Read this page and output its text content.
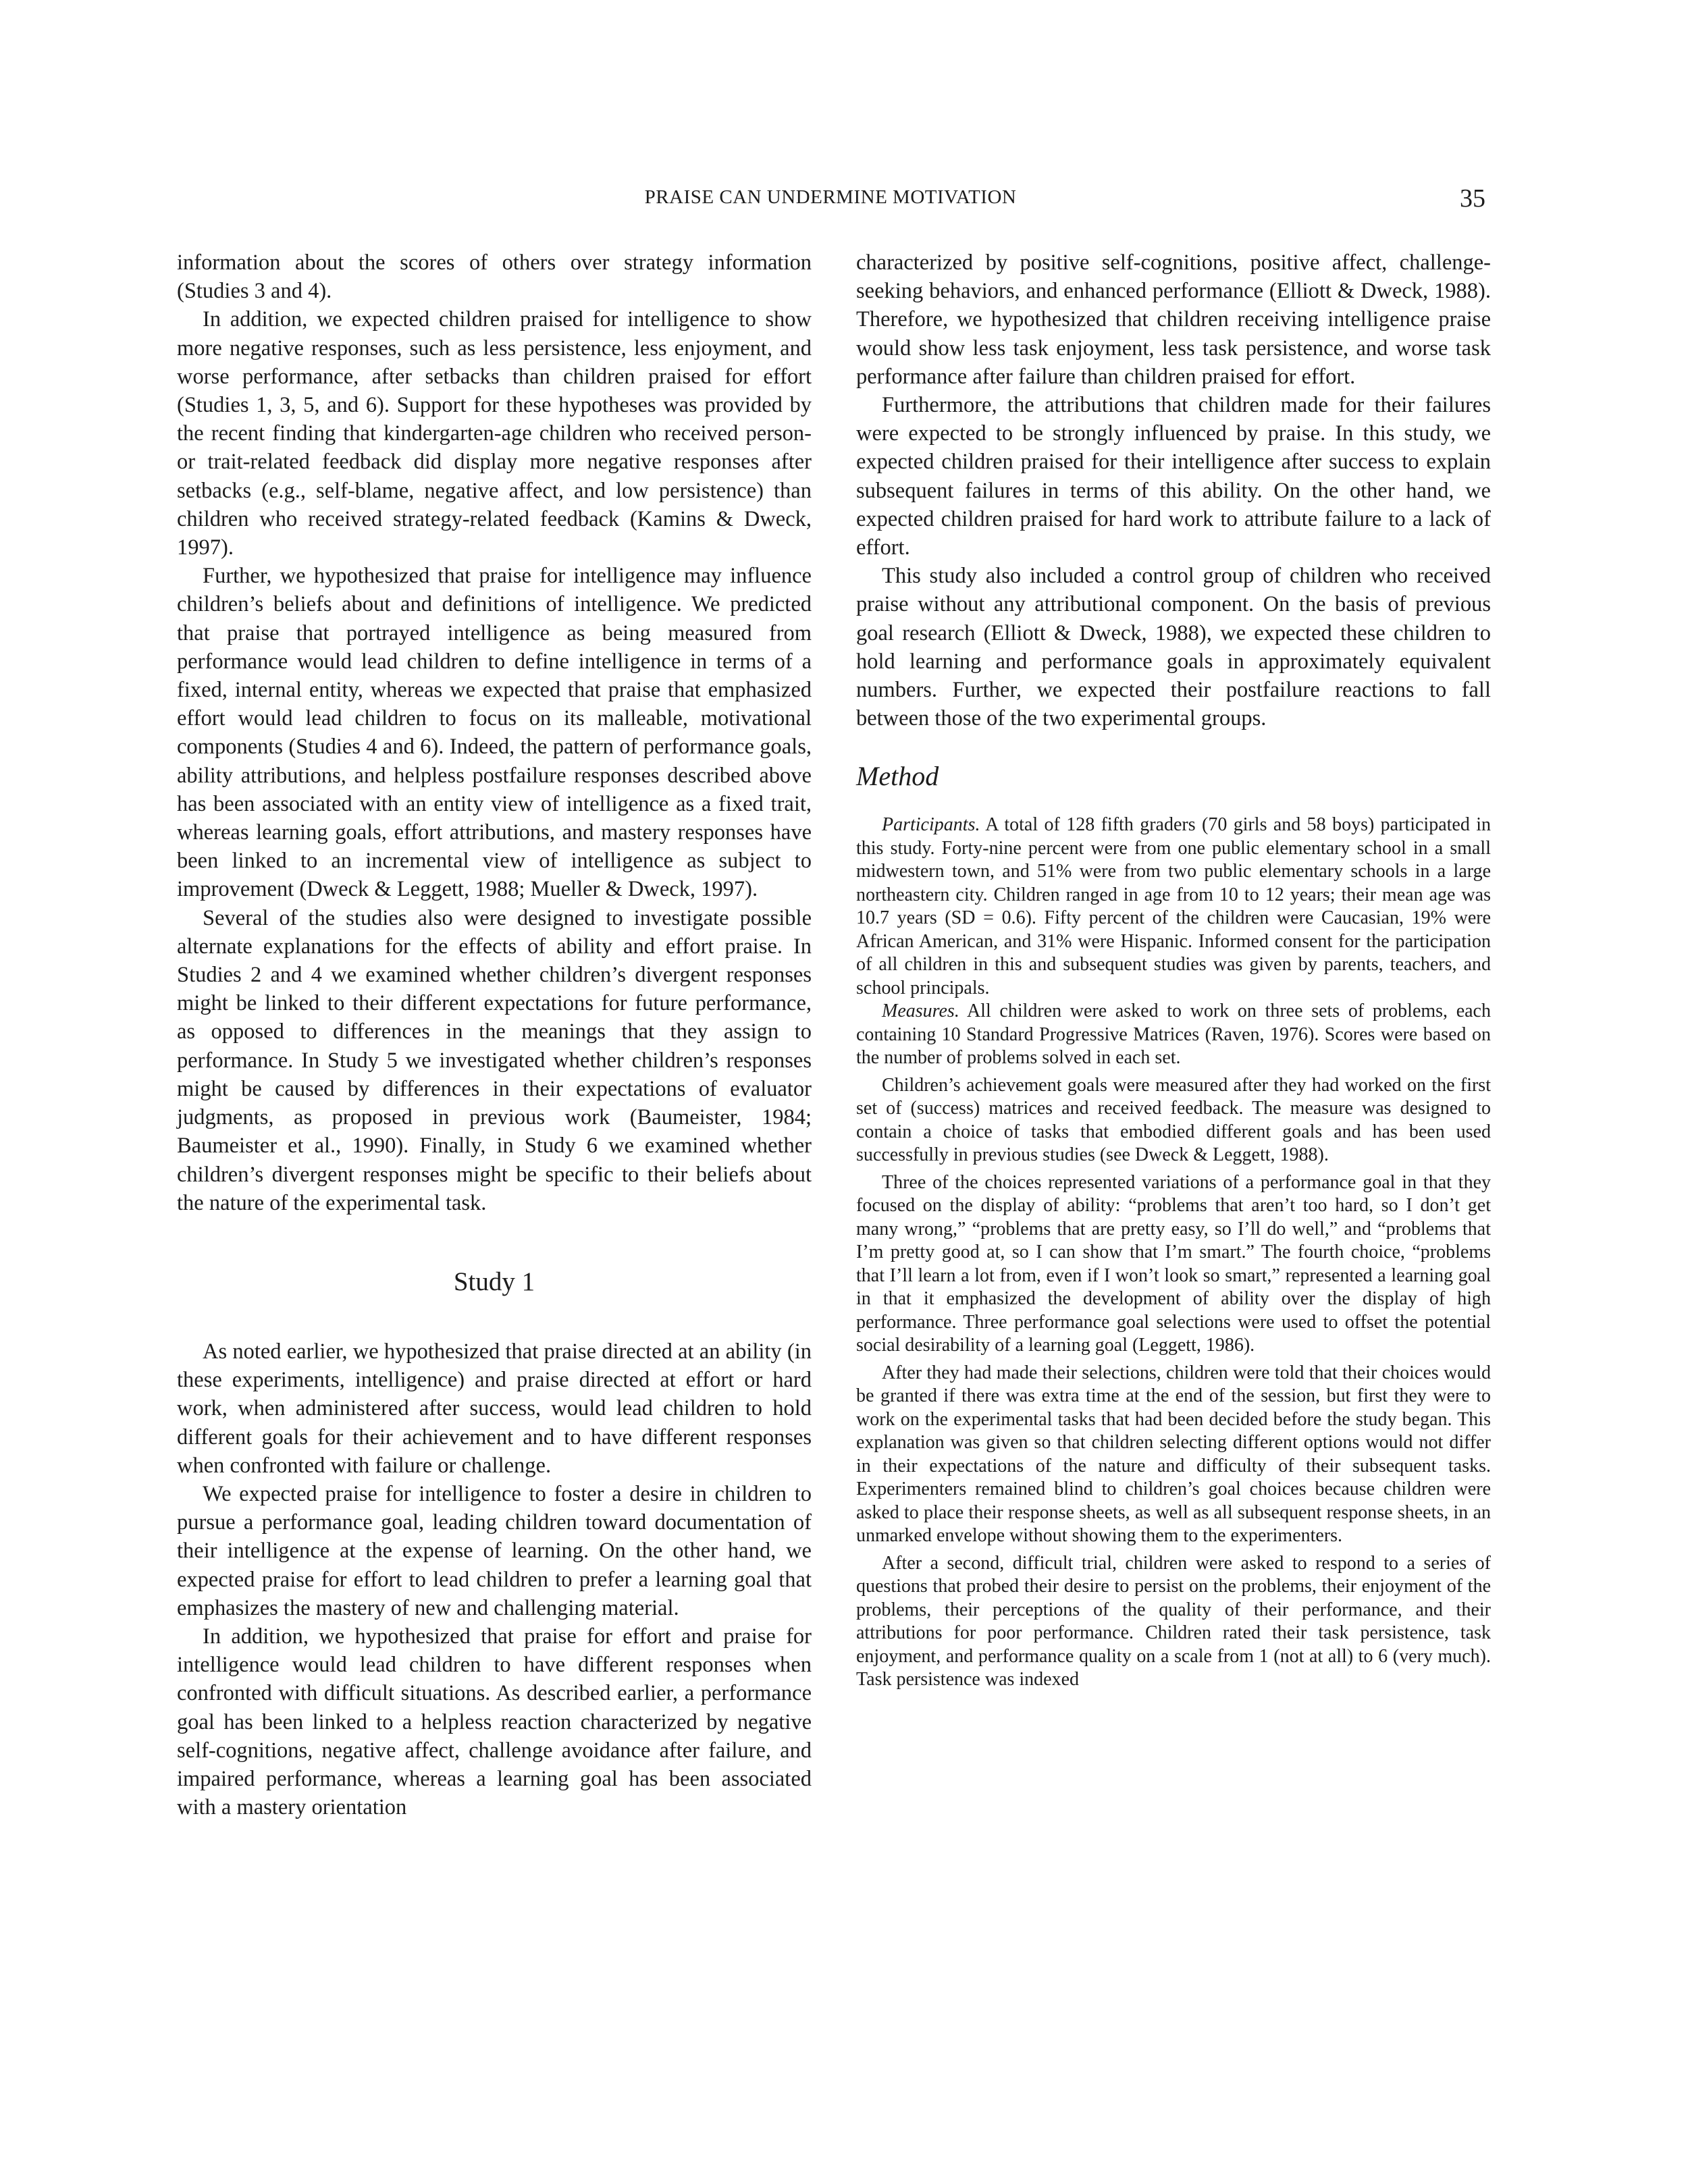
PRAISE CAN UNDERMINE MOTIVATION	35

information about the scores of others over strategy information (Studies 3 and 4).

In addition, we expected children praised for intelligence to show more negative responses, such as less persistence, less enjoyment, and worse performance, after setbacks than children praised for effort (Studies 1, 3, 5, and 6). Support for these hypotheses was provided by the recent finding that kindergarten-age children who received person- or trait-related feedback did display more negative responses after setbacks (e.g., self-blame, negative affect, and low persistence) than children who received strategy-related feedback (Kamins & Dweck, 1997).

Further, we hypothesized that praise for intelligence may influence children’s beliefs about and definitions of intelligence. We predicted that praise that portrayed intelligence as being measured from performance would lead children to define intelligence in terms of a fixed, internal entity, whereas we expected that praise that emphasized effort would lead children to focus on its malleable, motivational components (Studies 4 and 6). Indeed, the pattern of performance goals, ability attributions, and helpless postfailure responses described above has been associated with an entity view of intelligence as a fixed trait, whereas learning goals, effort attributions, and mastery responses have been linked to an incremental view of intelligence as subject to improvement (Dweck & Leggett, 1988; Mueller & Dweck, 1997).

Several of the studies also were designed to investigate possible alternate explanations for the effects of ability and effort praise. In Studies 2 and 4 we examined whether children’s divergent responses might be linked to their different expectations for future performance, as opposed to differences in the meanings that they assign to performance. In Study 5 we investigated whether children’s responses might be caused by differences in their expectations of evaluator judgments, as proposed in previous work (Baumeister, 1984; Baumeister et al., 1990). Finally, in Study 6 we examined whether children’s divergent responses might be specific to their beliefs about the nature of the experimental task.

Study 1

As noted earlier, we hypothesized that praise directed at an ability (in these experiments, intelligence) and praise directed at effort or hard work, when administered after success, would lead children to hold different goals for their achievement and to have different responses when confronted with failure or challenge.

We expected praise for intelligence to foster a desire in children to pursue a performance goal, leading children toward documentation of their intelligence at the expense of learning. On the other hand, we expected praise for effort to lead children to prefer a learning goal that emphasizes the mastery of new and challenging material.

In addition, we hypothesized that praise for effort and praise for intelligence would lead children to have different responses when confronted with difficult situations. As described earlier, a performance goal has been linked to a helpless reaction characterized by negative self-cognitions, negative affect, challenge avoidance after failure, and impaired performance, whereas a learning goal has been associated with a mastery orientation

characterized by positive self-cognitions, positive affect, challenge-seeking behaviors, and enhanced performance (Elliott & Dweck, 1988). Therefore, we hypothesized that children receiving intelligence praise would show less task enjoyment, less task persistence, and worse task performance after failure than children praised for effort.

Furthermore, the attributions that children made for their failures were expected to be strongly influenced by praise. In this study, we expected children praised for their intelligence after success to explain subsequent failures in terms of this ability. On the other hand, we expected children praised for hard work to attribute failure to a lack of effort.

This study also included a control group of children who received praise without any attributional component. On the basis of previous goal research (Elliott & Dweck, 1988), we expected these children to hold learning and performance goals in approximately equivalent numbers. Further, we expected their postfailure reactions to fall between those of the two experimental groups.

Method

Participants. A total of 128 fifth graders (70 girls and 58 boys) participated in this study. Forty-nine percent were from one public elementary school in a small midwestern town, and 51% were from two public elementary schools in a large northeastern city. Children ranged in age from 10 to 12 years; their mean age was 10.7 years (SD = 0.6). Fifty percent of the children were Caucasian, 19% were African American, and 31% were Hispanic. Informed consent for the participation of all children in this and subsequent studies was given by parents, teachers, and school principals.

Measures. All children were asked to work on three sets of problems, each containing 10 Standard Progressive Matrices (Raven, 1976). Scores were based on the number of problems solved in each set.

Children’s achievement goals were measured after they had worked on the first set of (success) matrices and received feedback. The measure was designed to contain a choice of tasks that embodied different goals and has been used successfully in previous studies (see Dweck & Leggett, 1988).

Three of the choices represented variations of a performance goal in that they focused on the display of ability: “problems that aren’t too hard, so I don’t get many wrong,” “problems that are pretty easy, so I’ll do well,” and “problems that I’m pretty good at, so I can show that I’m smart.” The fourth choice, “problems that I’ll learn a lot from, even if I won’t look so smart,” represented a learning goal in that it emphasized the development of ability over the display of high performance. Three performance goal selections were used to offset the potential social desirability of a learning goal (Leggett, 1986).

After they had made their selections, children were told that their choices would be granted if there was extra time at the end of the session, but first they were to work on the experimental tasks that had been decided before the study began. This explanation was given so that children selecting different options would not differ in their expectations of the nature and difficulty of their subsequent tasks. Experimenters remained blind to children’s goal choices because children were asked to place their response sheets, as well as all subsequent response sheets, in an unmarked envelope without showing them to the experimenters.

After a second, difficult trial, children were asked to respond to a series of questions that probed their desire to persist on the problems, their enjoyment of the problems, their perceptions of the quality of their performance, and their attributions for poor performance. Children rated their task persistence, task enjoyment, and performance quality on a scale from 1 (not at all) to 6 (very much). Task persistence was indexed
